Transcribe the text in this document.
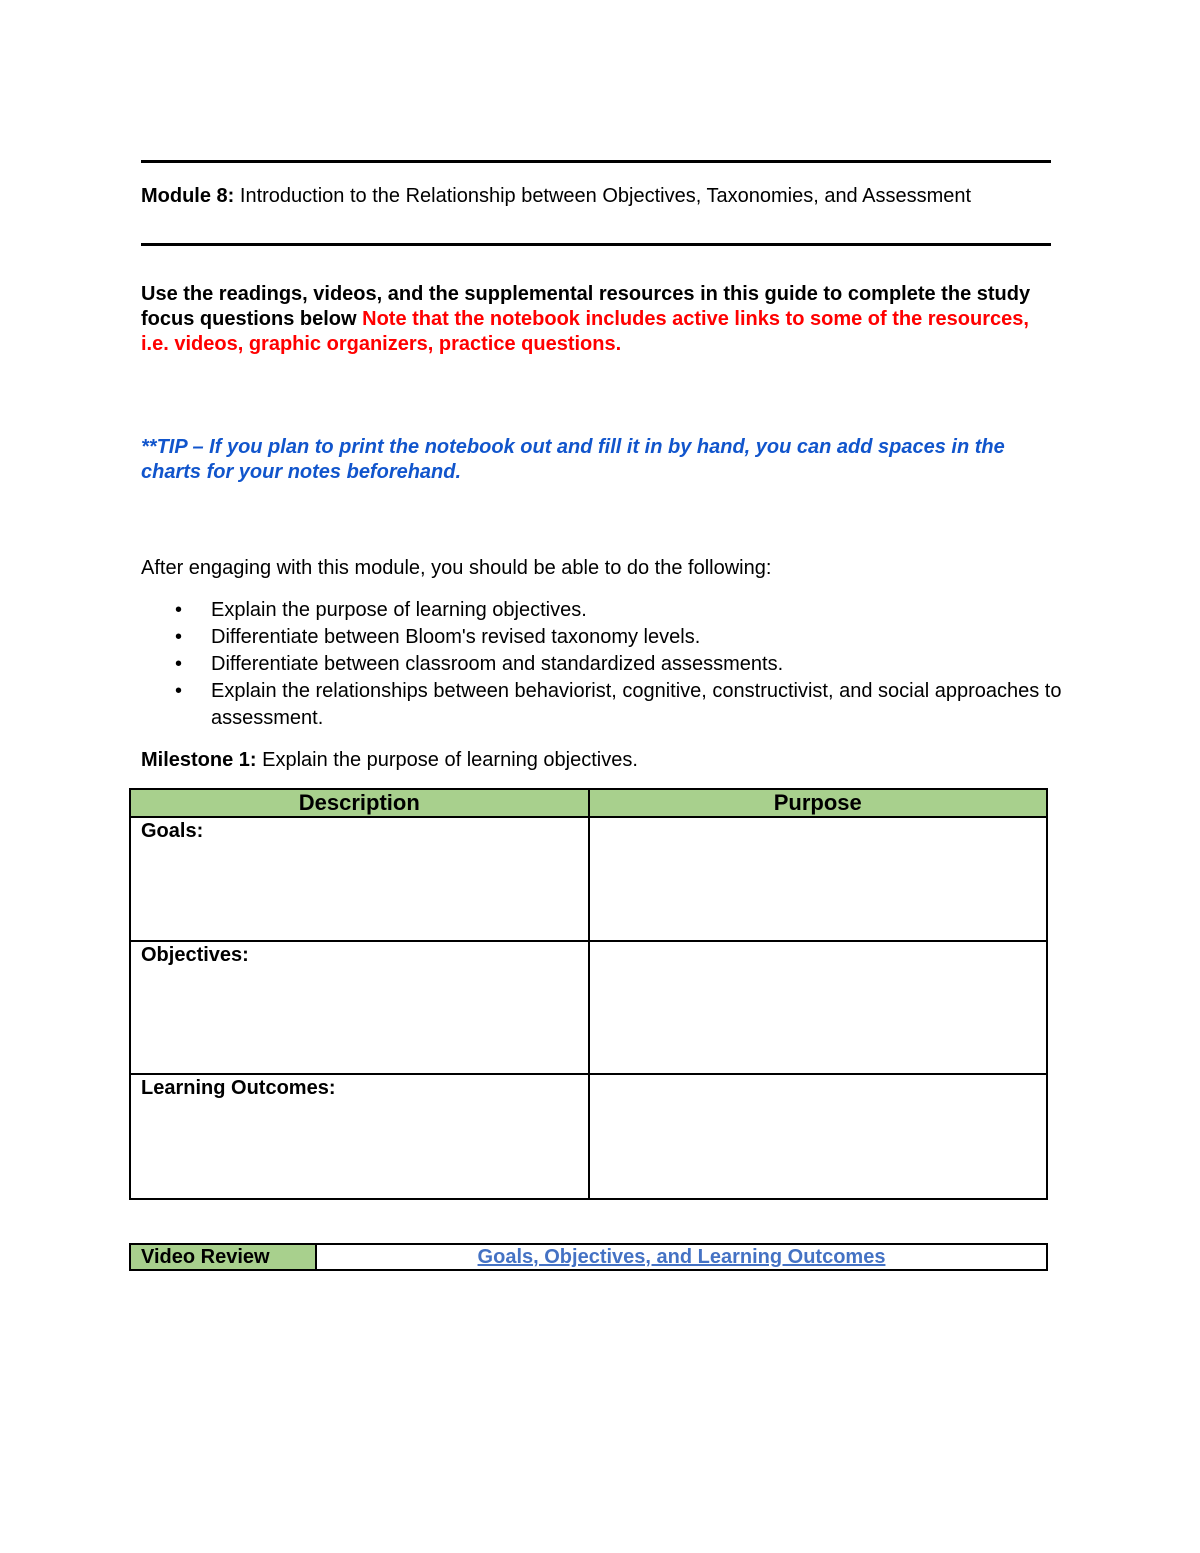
Module 8: Introduction to the Relationship between Objectives, Taxonomies, and Assessment
Use the readings, videos, and the supplemental resources in this guide to complete the study focus questions below Note that the notebook includes active links to some of the resources, i.e. videos, graphic organizers, practice questions.
**TIP – If you plan to print the notebook out and fill it in by hand, you can add spaces in the charts for your notes beforehand.
After engaging with this module, you should be able to do the following:
• Explain the purpose of learning objectives.
• Differentiate between Bloom's revised taxonomy levels.
• Differentiate between classroom and standardized assessments.
• Explain the relationships between behaviorist, cognitive, constructivist, and social approaches to assessment.
Milestone 1: Explain the purpose of learning objectives.
Description	Purpose
Goals:	
Objectives:	
Learning Outcomes:	
Video Review	Goals, Objectives, and Learning Outcomes
